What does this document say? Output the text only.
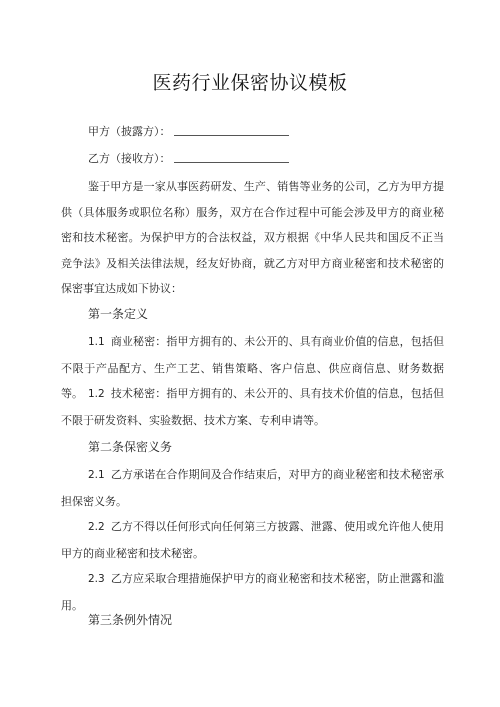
医药行业保密协议模板
甲方（披露方）：
乙方（接收方）：
鉴于甲方是一家从事医药研发、生产、销售等业务的公司，乙方为甲方提供（具体服务或职位名称）服务，双方在合作过程中可能会涉及甲方的商业秘密和技术秘密。为保护甲方的合法权益，双方根据《中华人民共和国反不正当竞争法》及相关法律法规，经友好协商，就乙方对甲方商业秘密和技术秘密的保密事宜达成如下协议：
第一条定义
1.1 商业秘密：指甲方拥有的、未公开的、具有商业价值的信息，包括但不限于产品配方、生产工艺、销售策略、客户信息、供应商信息、财务数据等。 1.2 技术秘密：指甲方拥有的、未公开的、具有技术价值的信息，包括但不限于研发资料、实验数据、技术方案、专利申请等。
第二条保密义务
2.1 乙方承诺在合作期间及合作结束后，对甲方的商业秘密和技术秘密承担保密义务。
2.2 乙方不得以任何形式向任何第三方披露、泄露、使用或允许他人使用甲方的商业秘密和技术秘密。
2.3 乙方应采取合理措施保护甲方的商业秘密和技术秘密，防止泄露和滥用。
第三条例外情况
